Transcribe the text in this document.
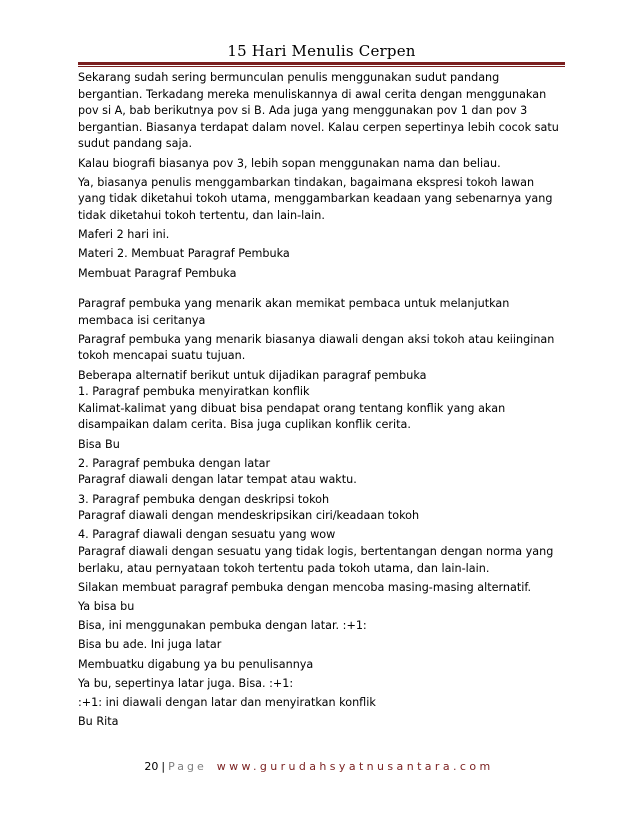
15 Hari Menulis Cerpen

Sekarang sudah sering bermunculan penulis menggunakan sudut pandang bergantian. Terkadang mereka menuliskannya di awal cerita dengan menggunakan pov si A, bab berikutnya pov si B. Ada juga yang menggunakan pov 1 dan pov 3 bergantian. Biasanya terdapat dalam novel. Kalau cerpen sepertinya lebih cocok satu sudut pandang saja.

Kalau biografi biasanya pov 3, lebih sopan menggunakan nama dan beliau.

Ya, biasanya penulis menggambarkan tindakan, bagaimana ekspresi tokoh lawan yang tidak diketahui tokoh utama, menggambarkan keadaan yang sebenarnya yang tidak diketahui tokoh tertentu, dan lain-lain.

Maferi 2 hari ini.

Materi 2. Membuat Paragraf Pembuka

Membuat Paragraf Pembuka

Paragraf pembuka yang menarik akan memikat pembaca untuk melanjutkan membaca isi ceritanya

Paragraf pembuka yang menarik biasanya diawali dengan aksi tokoh atau keiinginan tokoh mencapai suatu tujuan.

Beberapa alternatif berikut untuk dijadikan paragraf pembuka

1. Paragraf pembuka menyiratkan konflik

Kalimat-kalimat yang dibuat bisa pendapat orang tentang konflik yang akan disampaikan dalam cerita. Bisa juga cuplikan konflik cerita.

Bisa Bu

2. Paragraf pembuka dengan latar

Paragraf diawali dengan latar tempat atau waktu.

3. Paragraf pembuka dengan deskripsi tokoh

Paragraf diawali dengan mendeskripsikan ciri/keadaan tokoh

4. Paragraf diawali dengan sesuatu yang wow

Paragraf diawali dengan sesuatu yang tidak logis, bertentangan dengan norma yang berlaku, atau pernyataan tokoh tertentu pada tokoh utama, dan lain-lain.

Silakan membuat paragraf pembuka dengan mencoba masing-masing alternatif.

Ya bisa bu

Bisa, ini menggunakan pembuka dengan latar. :+1:

Bisa bu ade. Ini juga latar

Membuatku digabung ya bu penulisannya

Ya bu, sepertinya latar juga. Bisa. :+1:

:+1: ini diawali dengan latar dan menyiratkan konflik

Bu Rita

20 | Page www.gurudahsyatnusantara.com
